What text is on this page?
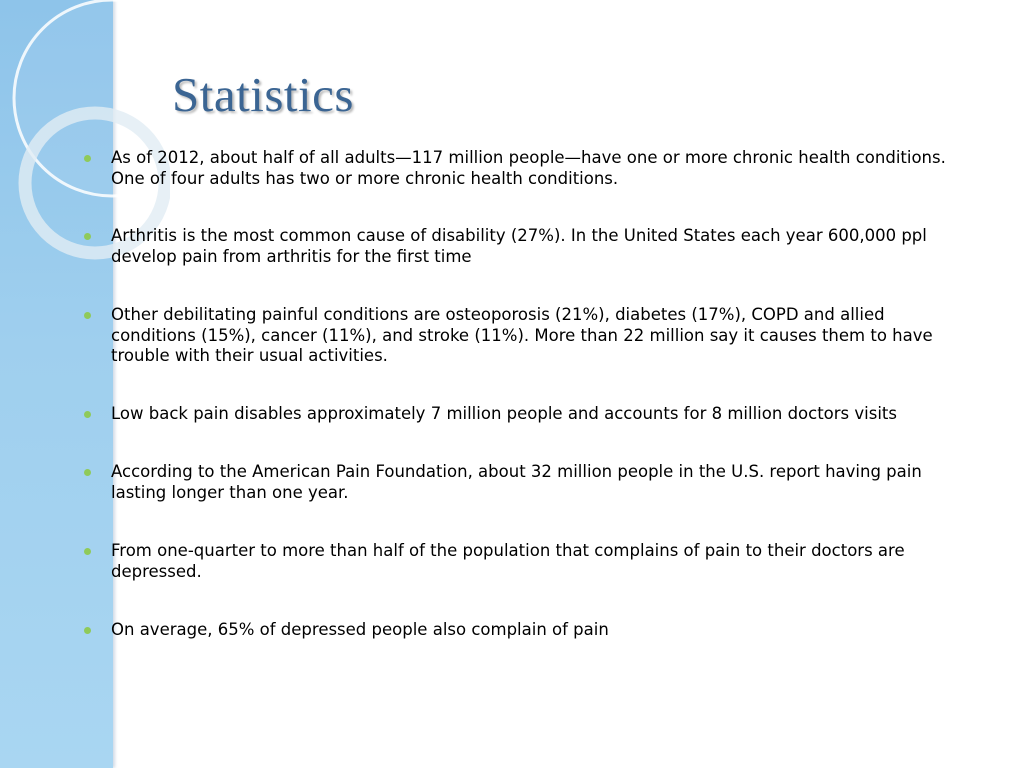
Statistics
As of 2012, about half of all adults—117 million people—have one or more chronic health conditions. One of four adults has two or more chronic health conditions.
Arthritis is the most common cause of disability (27%). In the United States each year 600,000 ppl develop pain from arthritis for the first time
Other debilitating painful conditions are osteoporosis (21%), diabetes (17%), COPD and allied conditions (15%), cancer (11%), and stroke (11%). More than 22 million say it causes them to have trouble with their usual activities.
Low back pain disables approximately 7 million people and accounts for 8 million doctors visits
According to the American Pain Foundation, about 32 million people in the U.S. report having pain lasting longer than one year.
From one-quarter to more than half of the population that complains of pain to their doctors are depressed.
On average, 65% of depressed people also complain of pain
